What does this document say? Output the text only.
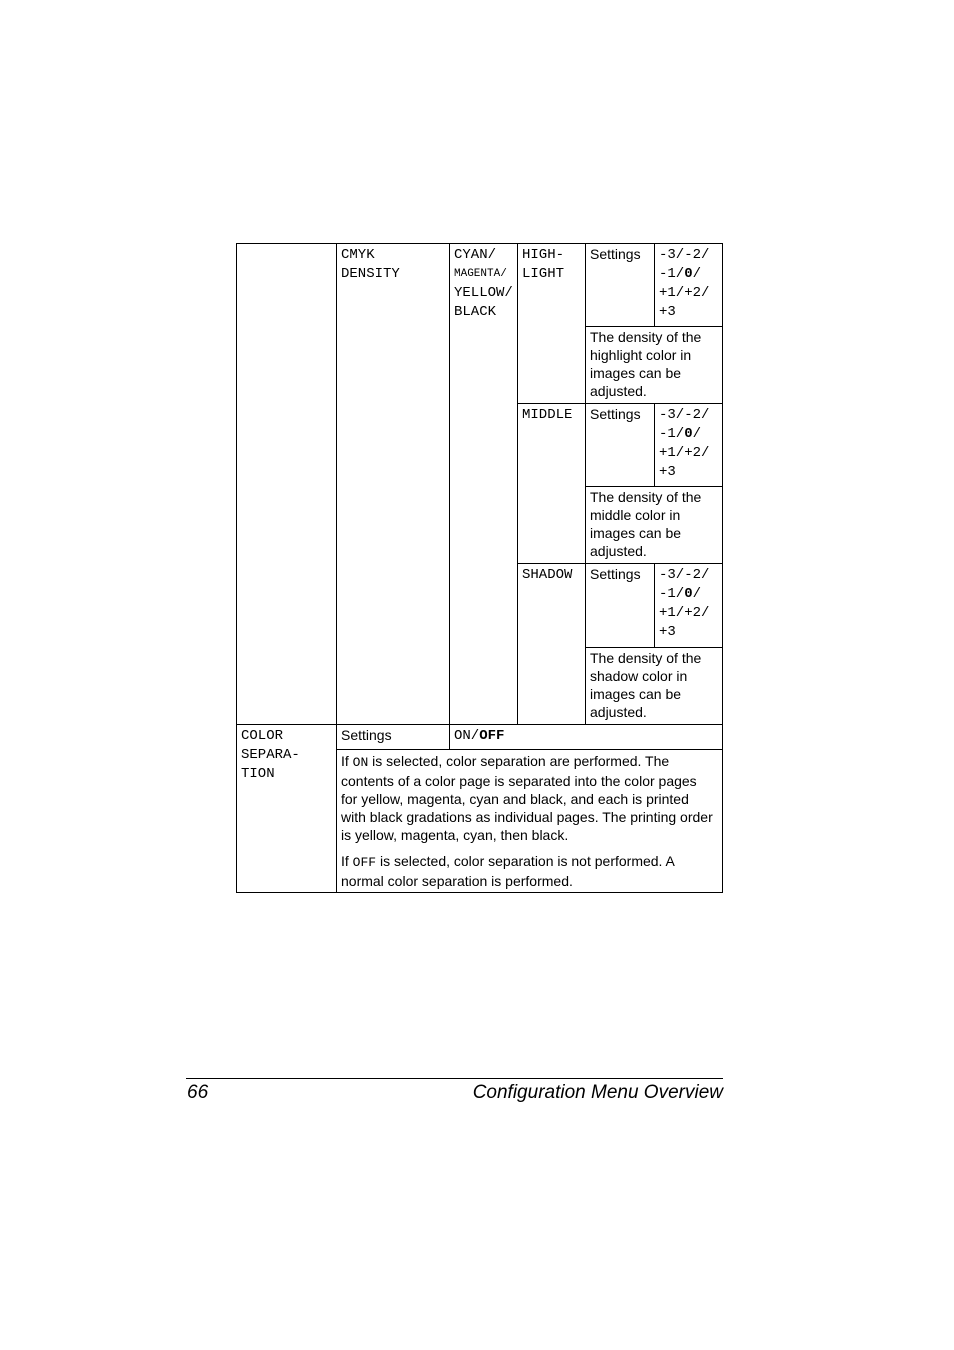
CMYK
DENSITY
CYAN/
MAGENTA/
YELLOW/
BLACK
HIGH-
LIGHT
Settings -3/-2/
-1/0/
+1/+2/
+3
The density of the
highlight color in
images can be
adjusted.
MIDDLE Settings -3/-2/
-1/0/
+1/+2/
+3
The density of the
middle color in
images can be
adjusted.
SHADOW Settings -3/-2/
-1/0/
+1/+2/
+3
The density of the
shadow color in
images can be
adjusted.
COLOR
SEPARA-
TION
Settings	ON/OFF
If ON is selected, color separation are performed. The
contents of a color page is separated into the color pages
for yellow, magenta, cyan and black, and each is printed
with black gradations as individual pages. The printing order
is yellow, magenta, cyan, then black.
If OFF is selected, color separation is not performed. A
normal color separation is performed.
66	Configuration Menu Overview
